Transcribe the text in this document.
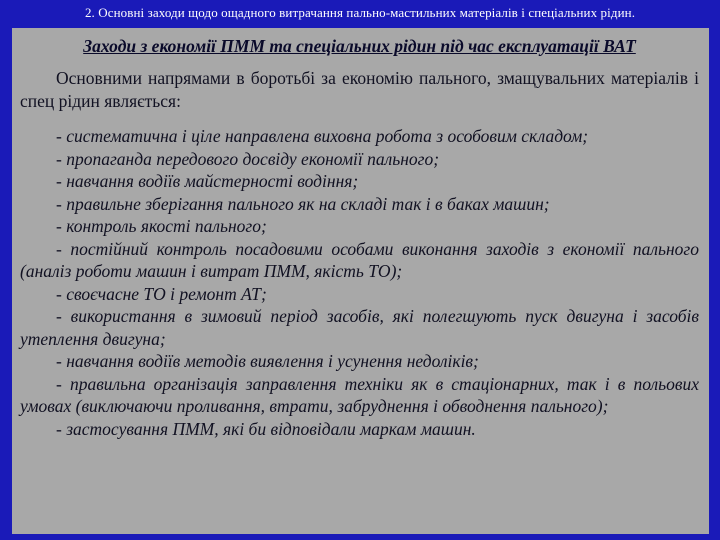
2. Основні заходи щодо ощадного витрачання пально-мастильних матеріалів і спеціальних рідин.
Заходи з економії ПММ та спеціальних рідин під час експлуатації ВАТ

Основними напрямами в боротьбі за економію пального, змащувальних матеріалів і спец рідин являється:

- систематична і ціле направлена виховна робота з особовим складом;

- пропаганда передового досвіду економії пального;

- навчання водіїв майстерності водіння;

- правильне зберігання пального як на складі так і в баках машин;

- контроль якості пального;

- постійний контроль посадовими особами виконання заходів з економії пального (аналіз роботи машин і витрат ПММ, якість ТО);

- своєчасне ТО і ремонт АТ;

- використання в зимовий період засобів, які полегшують пуск двигуна і засобів утеплення двигуна;

- навчання водіїв методів виявлення і усунення недоліків;

- правильна організація заправлення техніки як в стаціонарних, так і в польових умовах (виключаючи проливання, втрати, забруднення і обводнення пального);

- застосування ПММ, які би відповідали маркам машин.
